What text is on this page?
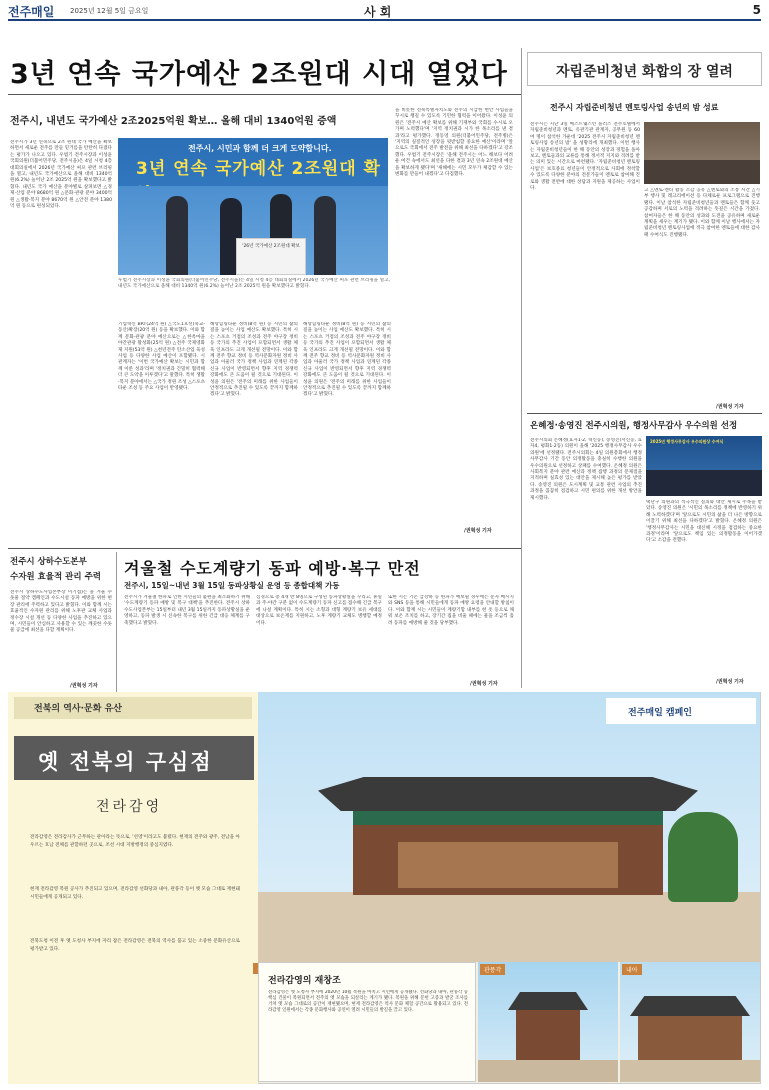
전주매일 2025년 12월 5일 금요일	사 회	5
3년 연속 국가예산 2조원대 시대 열었다
전주시, 내년도 국가예산 2조2025억원 확보… 올해 대비 1340억원 증액
전주시가 3년 연속으로 2조 원대 국가 예산을 확보하면서 새로운 전주를 만들 밑거름을 탄탄히 다졌다는 평가가 나오고 있다. 우범기 전주시장과 이성윤 국회의원(더불어민주당, 전주시을)은 4일 시청 4층 대회의실에서 2026년 국가예산 써포 관련 브리핑을 열고, 내년도 국가예산으로 올해 대비 1340억 원(6.2%) 늘어난 2조 2025억 원을 확보했다고 밝혔다. 내년도 국가 예산을 분야별로 살펴보면 △경제·산업 분야 8680억 원 △문화·관광 분야 3400억 원 △생활·복지 분야 8670억 원 △안전 분야 1380억 원 등으로 편성되었다.
전주시, 시민과 함께 더 크게 도약합니다.
3년 연속 국가예산 2조원대 확
'26년 국가예산 2조원대 확보
우범기 전주시장과 이성윤 국회의원(더불어민주당, 전주시을)은 4일 시청 4층 대회의실에서 2026년 국가예산 써포 관련 브리핑을 열고, 내년도 국가예산으로 올해 대비 1340억 원(6.2%) 늘어난 2조 2025억 원을 확보했다고 밝혔다.
기업혁신 BRT(24억 원) △국도1호선(북교-동산)확장(20억 원) 등을 확보했다. 이와 함께 문화·관광 분야 예산으로는 △한옥마을 야간관광 활성화(25억 원) △전주 국제영화제 지원(53억 원) △천년전주 탄소산업 육성 사업 등 다양한 사업 예산이 포함됐다. 시 관계자는 '이번 국가예산 확보는 시민과 함께 이룬 성과'라며 '정치권과 긴밀히 협력해 더 큰 도약을 이루겠다'고 말했다. 특히 생활·복지 분야에서는 △국가 정원 조성 △스포츠 타운 조성 등 주요 사업이 반영됐다.
해랑힐링타운 정비(8억 원) 등 시민의 삶의 질을 높이는 사업 예산도 확보했다. 특히 시는 스포츠 거점의 조성과 전주 야구장 정비 등 국가의 추진 사업이 포함되면서 생활 체육 인프라도 크게 개선될 전망이다. 이와 함께 전주 향교 정비 등 역사문화자원 정비 사업과 아울러 국가 정책 사업과 연계된 각종 신규 사업이 반영되면서 향후 지역 경쟁력 강화에도 큰 도움이 될 것으로 기대된다. 이성윤 의원은 '전주의 미래를 위한 사업들이 안정적으로 추진될 수 있도록 끝까지 함께하겠다'고 밝혔다.
해랑힐링타운 정비(8억 원) 등 시민의 삶의 질을 높이는 사업 예산도 확보했다. 특히 시는 스포츠 거점의 조성과 전주 야구장 정비 등 국가의 추진 사업이 포함되면서 생활 체육 인프라도 크게 개선될 전망이다. 이와 함께 전주 향교 정비 등 역사문화자원 정비 사업과 아울러 국가 정책 사업과 연계된 각종 신규 사업이 반영되면서 향후 지역 경쟁력 강화에도 큰 도움이 될 것으로 기대된다. 이성윤 의원은 '전주의 미래를 위한 사업들이 안정적으로 추진될 수 있도록 끝까지 함께하겠다'고 밝혔다.
을 비롯한 전북특별자치도와 전주의 시급한 현안 사업들을 꾸시로 챙길 수 있도록 기민한 협력을 이어왔다. 이성윤 의원은 '전주시 예산 확보를 위해 기재부와 국회를 수시로 오가며 노력했다'며 '지역 정치권과 시가 한 목소리를 낸 결과'라고 평가했다. 정동영 의원(더불어민주당, 전주병)은 '지역의 실질적인 성장을 뒷받침할 중요한 예산'이라며 '앞으로도 국회에서 전주 발전을 위해 최선을 다하겠다'고 강조했다. 우범기 전주시장은 '올해 전주시는 어느 해보다 어려운 여건 속에서도 최선을 다한 결과 3년 연속 2조원대 예산을 확보하게 됐다'며 '새해에는 시민 모두가 체감할 수 있는 변화를 만들어 내겠다'고 다짐했다.
/권혁성 기자
자립준비청년 화합의 장 열려
전주시 자립준비청년 멘토링사업 송년의 밤 성료
전주시는 지난 3일 베스트웨스턴 플러스 전주호텔에서 자립준비청년과 멘토, 유관기관 관계자, 공무원 등 60여 명이 참석한 가운데 '2025 전주시 자립준비청년 멘토링사업 송년의 밤' 을 성황리에 개최했다. 이번 행사는 자립준비청년들이 한 해 동안의 성장과 경험을 돌아보고, 멘토들과의 교류를 통해 정서적 지지와 격려를 받는 의미 있는 시간으로 마련됐다. '자립준비청년 멘토링사업'은 보호종료 청년들이 안정적으로 사회에 정착할 수 있도록 다양한 분야의 전문가들이 멘토로 참여해 진로와 생활 전반에 대한 상담과 지원을 제공하는 사업이다.	고 △멘토·멘티 활동 소감 공유 △멘토와의 소통 시간 △기부 행사 및 레크리에이션 등 다채로운 프로그램으로 진행됐다. 이날 참석한 자립준비청년들과 멘토들은 함께 웃고 공감하며 서로의 노력을 격려하는 뜻깊은 시간을 가졌다. 참여자들은 한 해 동안의 성과와 도전을 공유하며 새로운 계획을 세우는 계기가 됐다. 이와 함께 이날 행사에서는 자립준비청년 멘토링사업에 적극 참여한 멘토들에 대한 감사패 수여식도 진행됐다.
/권혁성 기자
온혜정·송영진 전주시의원, 행정사무감사 우수의원 선정
전주시의회 온혜정(효자1·2, 혁신동), 송영진(서신동, 효자4, 평화1·2동) 의원이 올해 '2025 행정사무감사 우수의원'에 선정됐다. 전주시의회는 4일 의원총회에서 행정사무감사 기간 동안 의정활동을 충실히 수행한 의원을 우수의원으로 선정하고 상패를 수여했다. 온혜정 의원은 사회복지 분야 관련 예산과 정책 집행 과정의 문제점을 지적하며 실효성 있는 대안을 제시해 높은 평가를 받았다. 송영진 의원은 도시계획 및 교통 관련 사업의 추진 과정을 꼼꼼히 점검하고 시민 편의를 위한 개선 방안을 제시했다.
2025년 행정사무감사 우수의원상 수여식
택단구 의원과의 적극적인 질의와 대안 제시로 주목을 받았다. 송영진 의원은 '시민의 목소리를 정책에 반영하기 위해 노력하겠다'며 '앞으로도 시민의 삶을 더 나은 방향으로 이끌기 위해 최선을 다하겠다'고 밝혔다. 온혜정 의원은 '행정사무감사는 시민을 대신해 시정을 점검하는 중요한 과정'이라며 '앞으로도 책임 있는 의정활동을 이어가겠다'고 소감을 전했다.
/권혁성 기자
전주시 상하수도본부
수자원 효율적 관리 주력
전주시 상하수도사업본부장 이기섭)는 올 겨울 수돗물 절약 캠페인과 수도시설 동파 예방을 위한 현장 관리에 주력하고 있다고 밝혔다. 이와 함께 시는 효율적인 수자원 관리를 위해 노후관 교체 사업과 정수장 시설 개선 등 다양한 사업을 추진하고 있으며, 시민들이 안심하고 사용할 수 있는 깨끗한 수돗물 공급에 최선을 다할 계획이다.
/권혁성 기자
겨울철 수도계량기 동파 예방·복구 만전
전주시, 15일~내년 3월 15일 동파상황실 운영 등 종합대책 가동
전주시가 겨울철 한파로 인한 시민들의 불편을 최소화하기 위해 '수도계량기 동파 예방 및 복구 대책'을 추진한다. 전주시 상하수도사업본부는 15일부터 내년 3월 15일까지 동파상황실을 운영하고, 동파 발생 시 신속한 복구를 위한 긴급 대응 체계를 구축했다고 밝혔다.
심경으로 총 4개 반 8명으로 구성된 동파상황실을 꾸리고, 휴일과 주·야간 구분 없이 수도계량기 동파 신고를 접수해 긴급 복구에 나설 계획이다. 특히 시는 소형과 대형 계량기 보유 세대를 대상으로 보온재를 지원하고, 노후 계량기 교체도 병행할 예정이다.
또한 시는 기온 급강하 등 한파가 예보될 경우에는 문자 메시지와 SNS 등을 통해 시민들에게 동파 예방 요령을 안내할 방침이다. 이와 함께 시는 시민들이 계량기함 내부를 헌 옷 등으로 채워 보온 조치를 하고, 장기간 집을 비울 때에는 물을 조금씩 흘려 동파를 예방해 줄 것을 당부했다.
/권혁성 기자
전북의 역사·문화 유산
옛 전북의 구심점
전라감영
전라감영은 전라감사가 근무하는 관아라는 뜻으로, '선영'이라고도 불렸다. 현재의 전주와 광주, 전남을 아우르는 호남 전체를 관할하던 곳으로, 조선 시대 지방행정의 중심지였다.
현재 전라감영 복원 공사가 추진되고 있으며, 전라감영 선화당과 내아, 관풍각 등이 옛 모습 그대로 재현돼 시민들에게 공개되고 있다.
전북도청 이전 후 옛 도청사 부지에 자리 잡은 전라감영은 전북의 역사를 품고 있는 소중한 문화유산으로 평가받고 있다.
전주매일 캠페인
전라감영의 재창조
전라감영은 옛 도청사 부지에 2020년 10월 복원을 마치고 시민에게 공개됐다. 선화당과 내아, 관풍각 등 핵심 건물이 복원되면서 전주의 옛 모습을 되살리는 계기가 됐다. 복원을 위해 문헌 고증과 발굴 조사를 거쳐 옛 모습 그대로의 공간이 재현됐으며, 현재 전라감영은 역사 문화 체험 공간으로 활용되고 있다. 전라감영 일원에서는 각종 문화행사와 공연이 열려 시민들의 발길을 끌고 있다.
관풍각	내아
